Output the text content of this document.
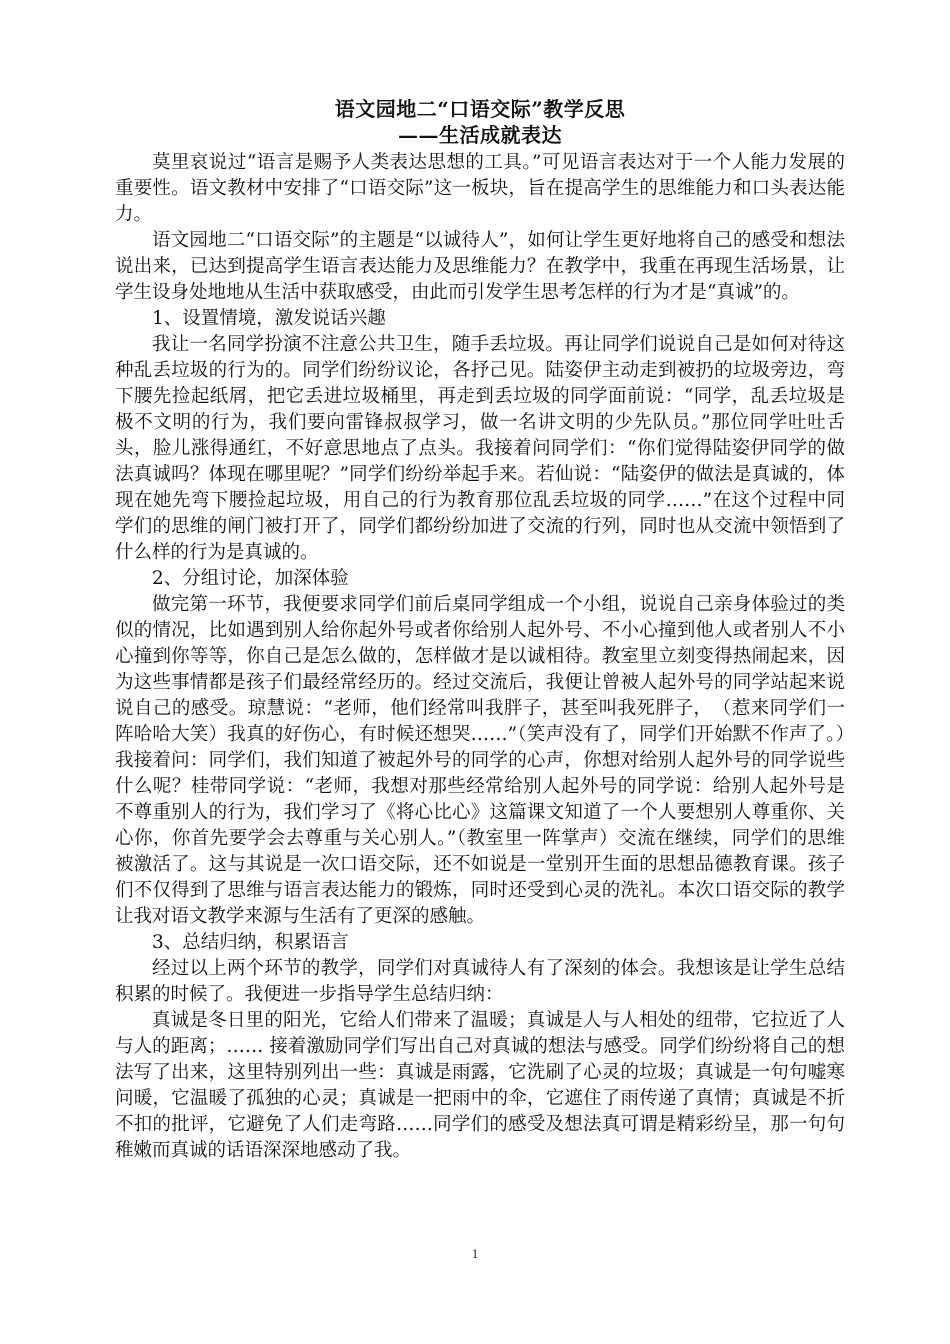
语文园地二“口语交际”教学反思

——生活成就表达

莫里哀说过“语言是赐予人类表达思想的工具。”可见语言表达对于一个人能力发展的重要性。语文教材中安排了“口语交际”这一板块，旨在提高学生的思维能力和口头表达能力。

语文园地二“口语交际”的主题是“以诚待人”，如何让学生更好地将自己的感受和想法说出来，已达到提高学生语言表达能力及思维能力？在教学中，我重在再现生活场景，让学生设身处地地从生活中获取感受，由此而引发学生思考怎样的行为才是“真诚”的。

1、设置情境，激发说话兴趣

我让一名同学扮演不注意公共卫生，随手丢垃圾。再让同学们说说自己是如何对待这种乱丢垃圾的行为的。同学们纷纷议论，各抒己见。陆姿伊主动走到被扔的垃圾旁边，弯下腰先捡起纸屑，把它丢进垃圾桶里，再走到丢垃圾的同学面前说：“同学，乱丢垃圾是极不文明的行为，我们要向雷锋叔叔学习，做一名讲文明的少先队员。”那位同学吐吐舌头，脸儿涨得通红，不好意思地点了点头。我接着问同学们：“你们觉得陆姿伊同学的做法真诚吗？体现在哪里呢？”同学们纷纷举起手来。若仙说：“陆姿伊的做法是真诚的，体现在她先弯下腰捡起垃圾，用自己的行为教育那位乱丢垃圾的同学……”在这个过程中同学们的思维的闸门被打开了，同学们都纷纷加进了交流的行列，同时也从交流中领悟到了什么样的行为是真诚的。

2、分组讨论，加深体验

做完第一环节，我便要求同学们前后桌同学组成一个小组，说说自己亲身体验过的类似的情况，比如遇到别人给你起外号或者你给别人起外号、不小心撞到他人或者别人不小心撞到你等等，你自己是怎么做的，怎样做才是以诚相待。教室里立刻变得热闹起来，因为这些事情都是孩子们最经常经历的。经过交流后，我便让曾被人起外号的同学站起来说说自己的感受。琼慧说：“老师，他们经常叫我胖子，甚至叫我死胖子，　（惹来同学们一阵哈哈大笑）我真的好伤心，有时候还想哭……”（笑声没有了，同学们开始默不作声了。）我接着问：同学们，我们知道了被起外号的同学的心声，你想对给别人起外号的同学说些什么呢？桂带同学说：“老师，我想对那些经常给别人起外号的同学说：给别人起外号是不尊重别人的行为，我们学习了《将心比心》这篇课文知道了一个人要想别人尊重你、关心你，你首先要学会去尊重与关心别人。”（教室里一阵掌声）交流在继续，同学们的思维被激活了。这与其说是一次口语交际，还不如说是一堂别开生面的思想品德教育课。孩子们不仅得到了思维与语言表达能力的锻炼，同时还受到心灵的洗礼。本次口语交际的教学让我对语文教学来源与生活有了更深的感触。

3、总结归纳，积累语言

经过以上两个环节的教学，同学们对真诚待人有了深刻的体会。我想该是让学生总结积累的时候了。我便进一步指导学生总结归纳：

真诚是冬日里的阳光，它给人们带来了温暖；真诚是人与人相处的纽带，它拉近了人与人的距离；…… 接着激励同学们写出自己对真诚的想法与感受。同学们纷纷将自己的想法写了出来，这里特别列出一些：真诚是雨露，它洗刷了心灵的垃圾；真诚是一句句嘘寒问暖，它温暖了孤独的心灵；真诚是一把雨中的伞，它遮住了雨传递了真情；真诚是不折不扣的批评，它避免了人们走弯路……同学们的感受及想法真可谓是精彩纷呈，那一句句稚嫩而真诚的话语深深地感动了我。

1
